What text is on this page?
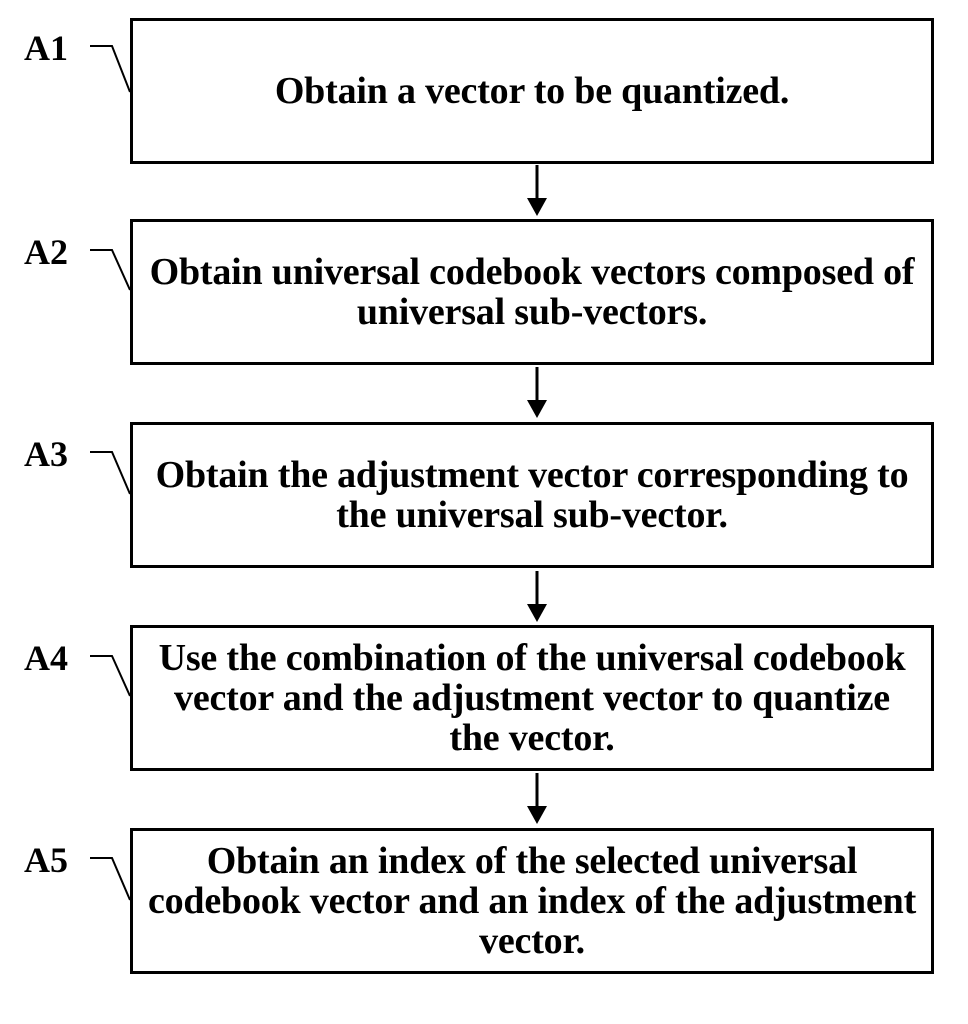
A1
Obtain a vector to be quantized.
A2 Obtain universal codebook vectors composed of universal sub-vectors.
A3 Obtain the adjustment vector corresponding to the universal sub-vector.
A4	Use the combination of the universal codebook vector and the adjustment vector to quantize the vector.
A5	Obtain an index of the selected universal codebook vector and an index of the adjustment vector.
